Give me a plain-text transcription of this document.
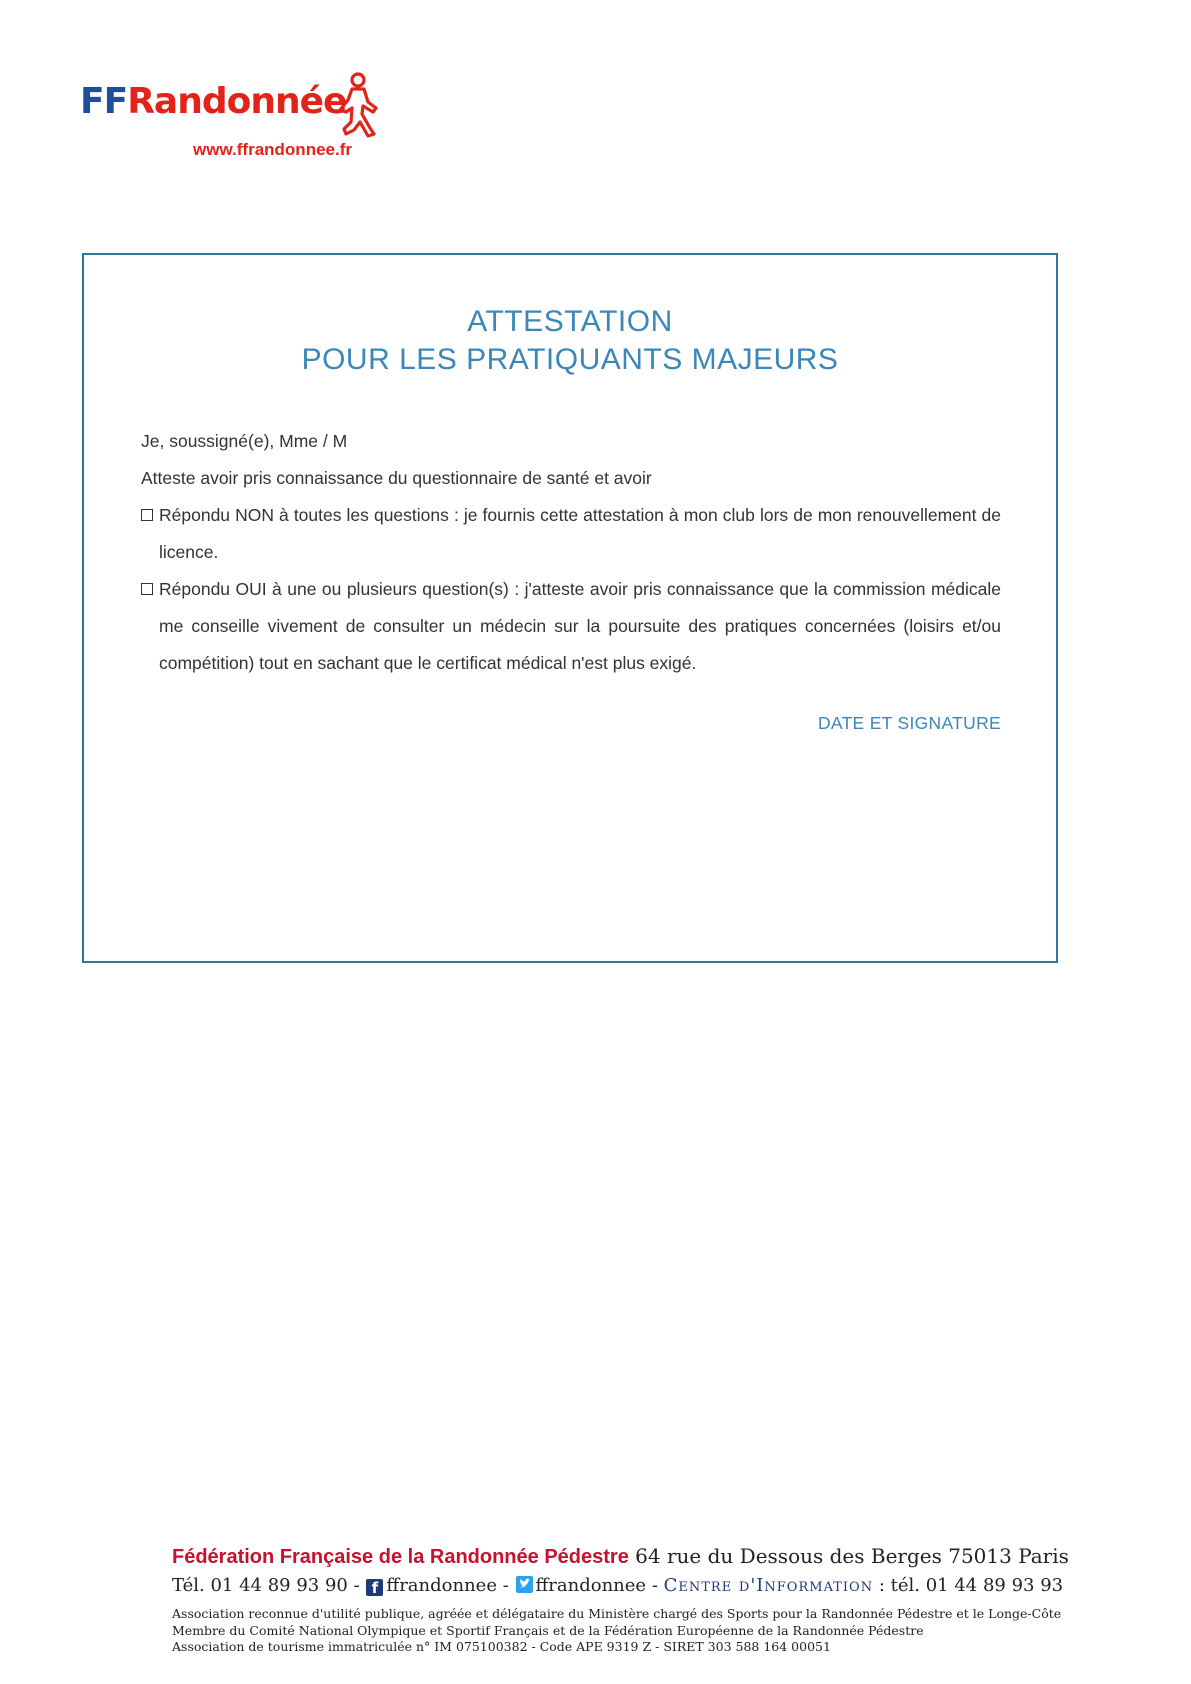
FFRandonnée
www.ffrandonnee.fr
ATTESTATION
POUR LES PRATIQUANTS MAJEURS
Je, soussigné(e), Mme / M
Atteste avoir pris connaissance du questionnaire de santé et avoir
Répondu NON à toutes les questions : je fournis cette attestation à mon club lors de mon renouvellement de licence.
Répondu OUI à une ou plusieurs question(s) : j'atteste avoir pris connaissance que la commission médicale me conseille vivement de consulter un médecin sur la poursuite des pratiques concernées (loisirs et/ou compétition) tout en sachant que le certificat médical n'est plus exigé.
DATE ET SIGNATURE
Fédération Française de la Randonnée Pédestre 64 rue du Dessous des Berges 75013 Paris
Tél. 01 44 89 93 90 - f ffrandonnee - ffrandonnee - Centre d'Information : tél. 01 44 89 93 93
Association reconnue d'utilité publique, agréée et délégataire du Ministère chargé des Sports pour la Randonnée Pédestre et le Longe-Côte
Membre du Comité National Olympique et Sportif Français et de la Fédération Européenne de la Randonnée Pédestre
Association de tourisme immatriculée n° IM 075100382 - Code APE 9319 Z - SIRET 303 588 164 00051
